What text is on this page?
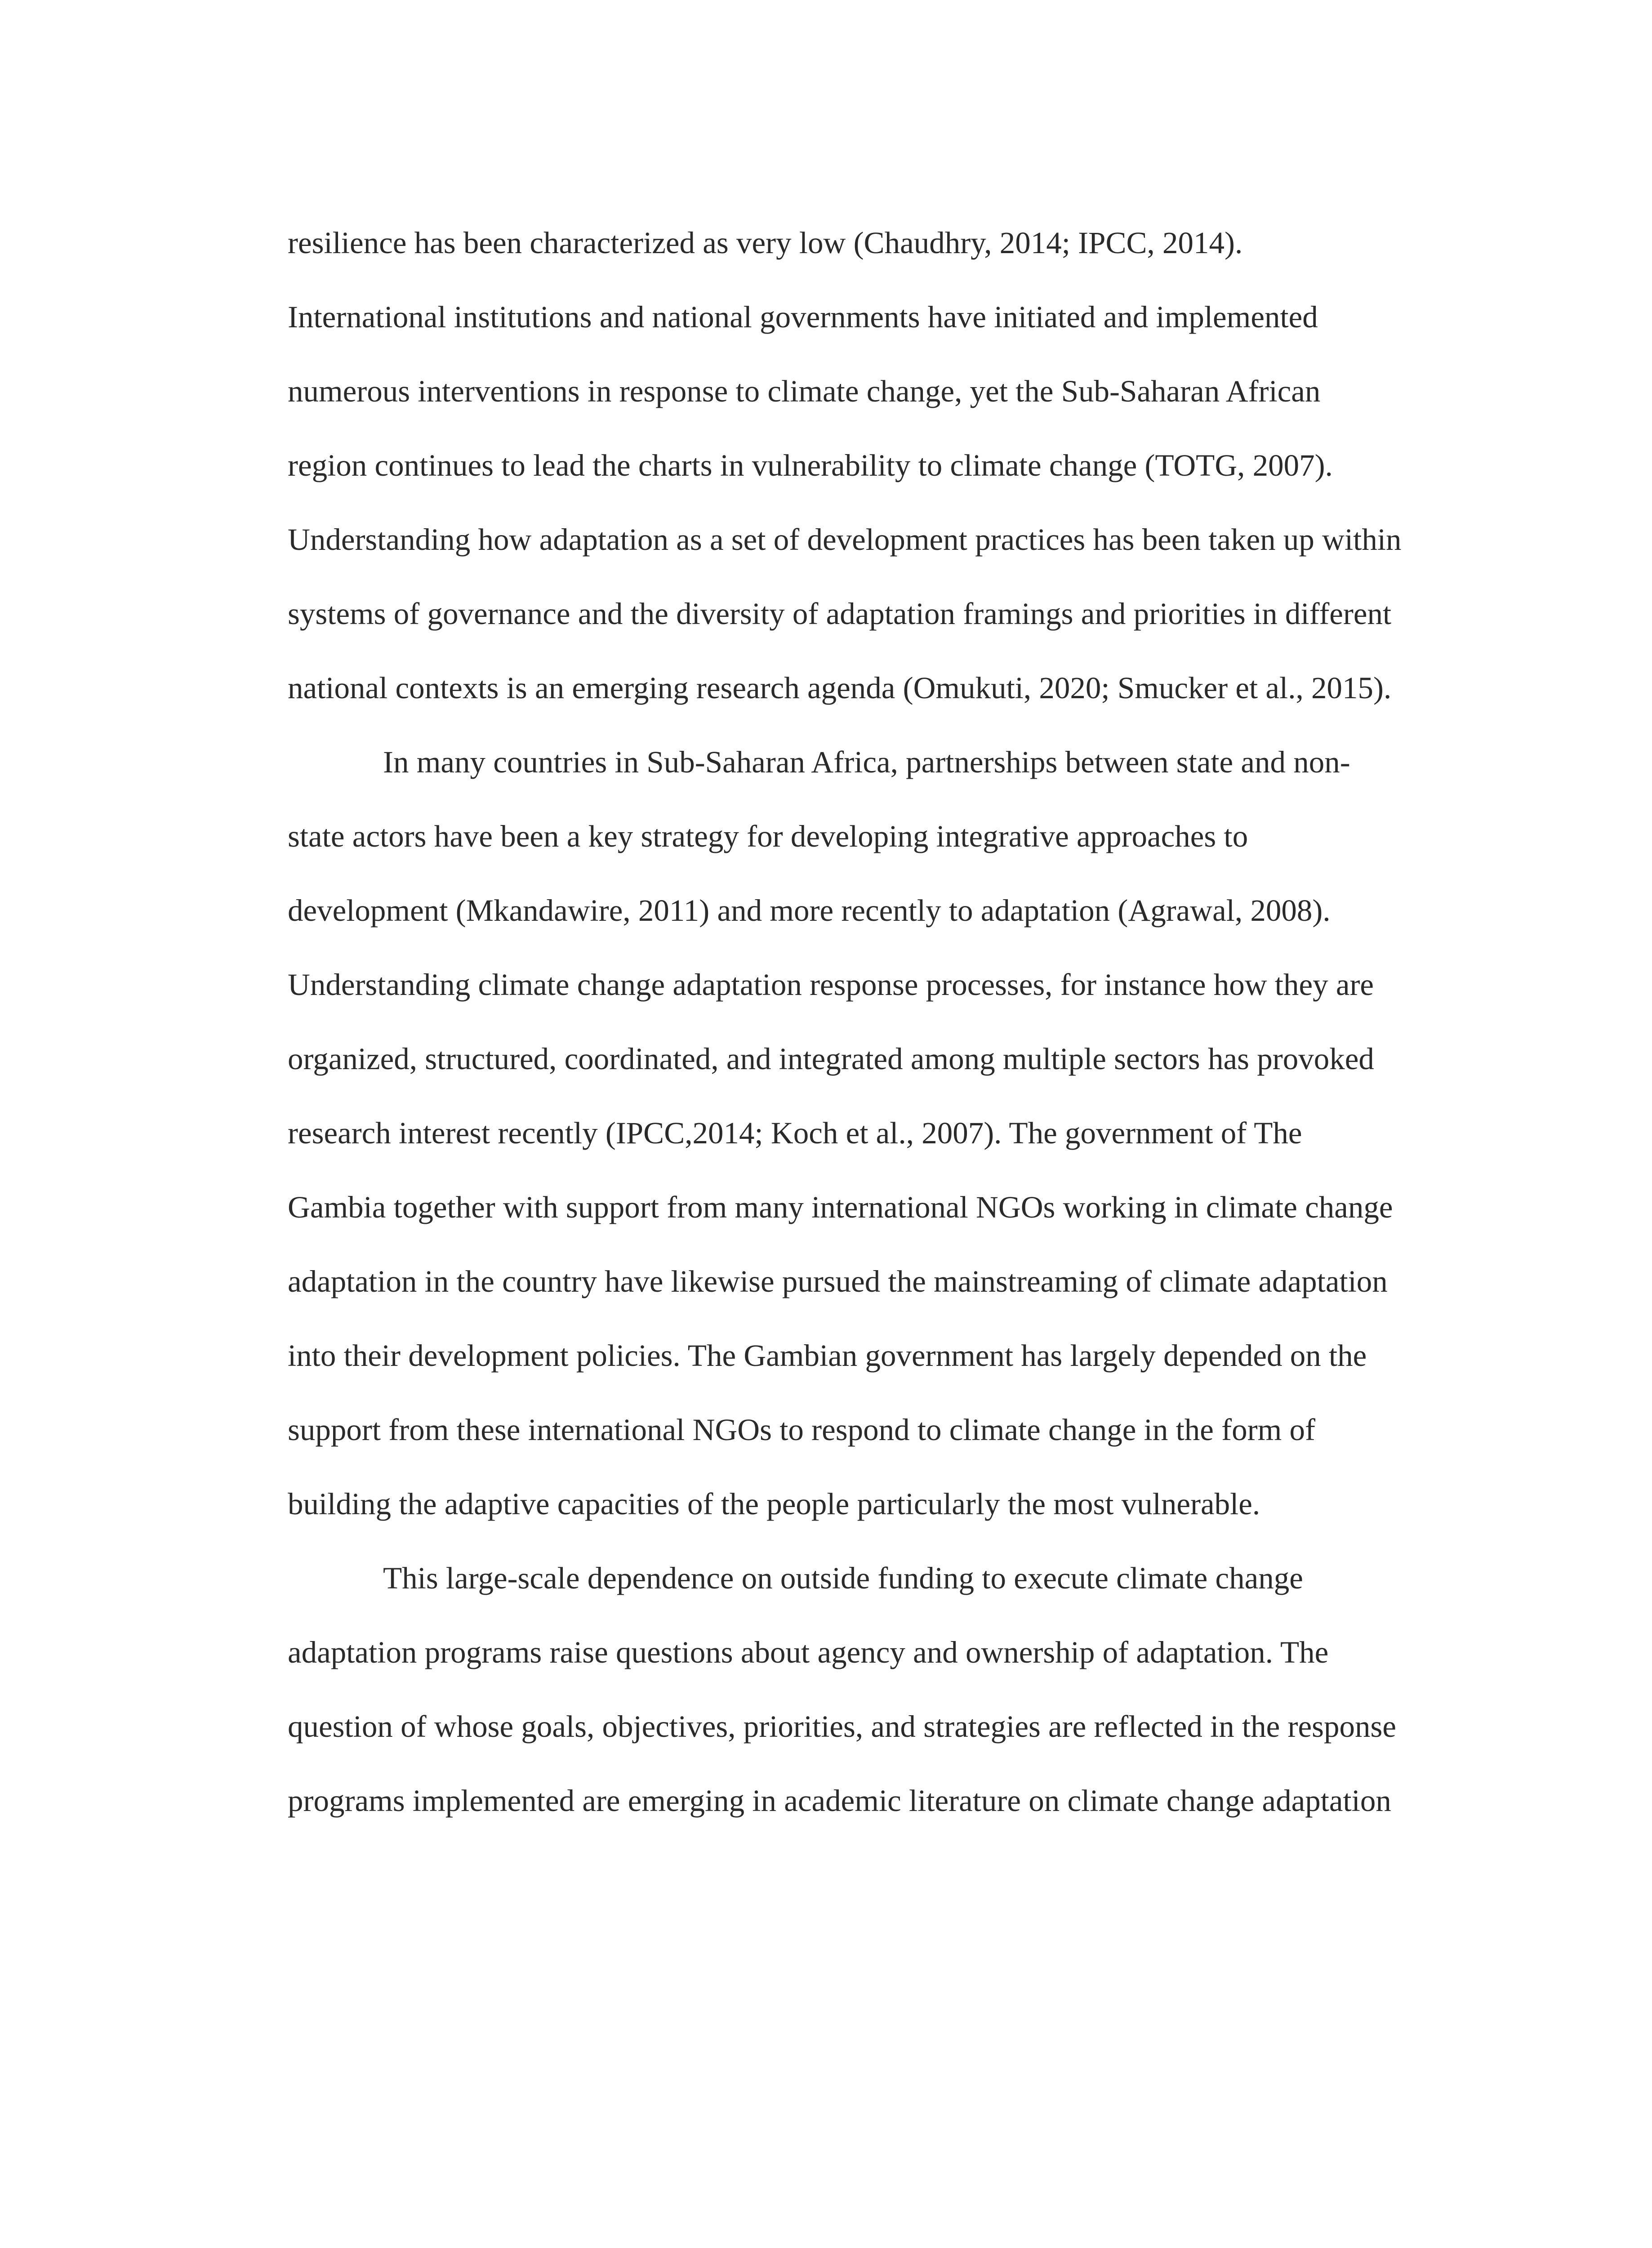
resilience has been characterized as very low (Chaudhry, 2014; IPCC, 2014).
International institutions and national governments have initiated and implemented
numerous interventions in response to climate change, yet the Sub-Saharan African
region continues to lead the charts in vulnerability to climate change (TOTG, 2007).
Understanding how adaptation as a set of development practices has been taken up within
systems of governance and the diversity of adaptation framings and priorities in different
national contexts is an emerging research agenda (Omukuti, 2020; Smucker et al., 2015).
In many countries in Sub-Saharan Africa, partnerships between state and non-
state actors have been a key strategy for developing integrative approaches to
development (Mkandawire, 2011) and more recently to adaptation (Agrawal, 2008).
Understanding climate change adaptation response processes, for instance how they are
organized, structured, coordinated, and integrated among multiple sectors has provoked
research interest recently (IPCC,2014; Koch et al., 2007). The government of The
Gambia together with support from many international NGOs working in climate change
adaptation in the country have likewise pursued the mainstreaming of climate adaptation
into their development policies. The Gambian government has largely depended on the
support from these international NGOs to respond to climate change in the form of
building the adaptive capacities of the people particularly the most vulnerable.
This large-scale dependence on outside funding to execute climate change
adaptation programs raise questions about agency and ownership of adaptation. The
question of whose goals, objectives, priorities, and strategies are reflected in the response
programs implemented are emerging in academic literature on climate change adaptation
